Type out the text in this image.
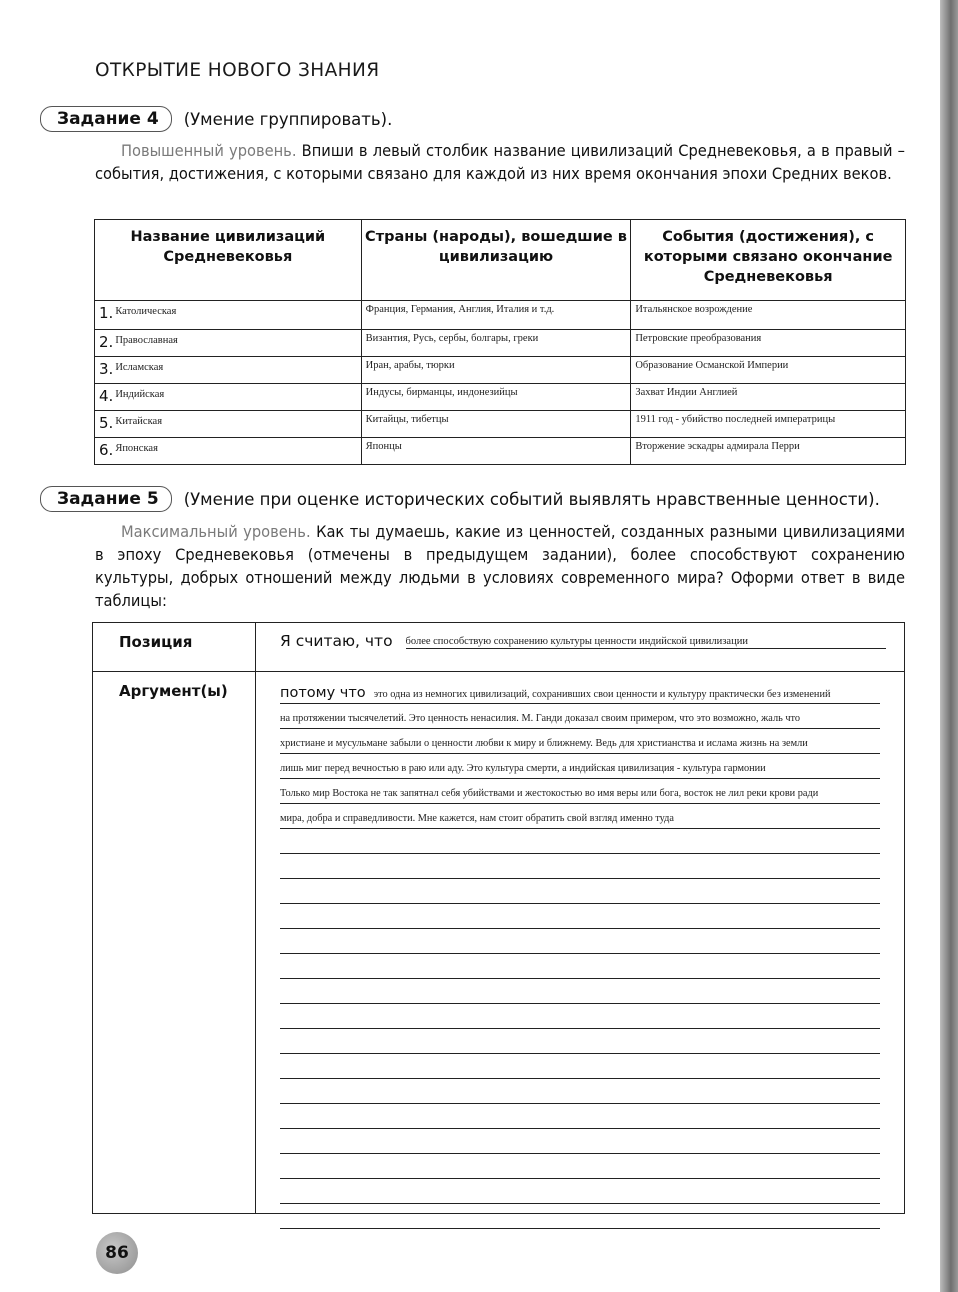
ОТКРЫТИЕ НОВОГО ЗНАНИЯ
Задание 4	(Умение группировать).
Повышенный уровень. Впиши в левый столбик название цивилизаций Средневековья, а в правый – события, достижения, с которыми связано для каждой из них время окончания эпохи Средних веков.
Название цивилизаций Средневековья	Страны (народы), вошедшие в цивилизацию	События (достижения), с которыми связано окончание Средневековья
1. Католическая	Франция, Германия, Англия, Италия и т.д.	Итальянское возрождение
2. Православная	Византия, Русь, сербы, болгары, греки	Петровские преобразования
3. Исламская	Иран, арабы, тюрки	Образование Османской Империи
4. Индийская	Индусы, бирманцы, индонезийцы	Захват Индии Англией
5. Китайская	Китайцы, тибетцы	1911 год - убийство последней императрицы
6. Японская	Японцы	Вторжение эскадры адмирала Перри
Задание 5	(Умение при оценке исторических событий выявлять нравственные ценности).
Максимальный уровень. Как ты думаешь, какие из ценностей, созданных разными цивилизациями в эпоху Средневековья (отмечены в предыдущем задании), более способствуют сохранению культуры, добрых отношений между людьми в условиях современного мира? Оформи ответ в виде таблицы:
Позиция	Я считаю, что более способствую сохранению культуры ценности индийской цивилизации
Аргумент(ы)	потому что это одна из немногих цивилизаций, сохранивших свои ценности и культуру практически без изменений
на протяжении тысячелетий. Это ценность ненасилия. М. Ганди доказал своим примером, что это возможно, жаль что
христиане и мусульмане забыли о ценности любви к миру и ближнему. Ведь для христианства и ислама жизнь на земли
лишь миг перед вечностью в раю или аду. Это культура смерти, а индийская цивилизация - культура гармонии
Только мир Востока не так запятнал себя убийствами и жестокостью во имя веры или бога, восток не лил реки крови ради
мира, добра и справедливости. Мне кажется, нам стоит обратить свой взгляд именно туда
86
